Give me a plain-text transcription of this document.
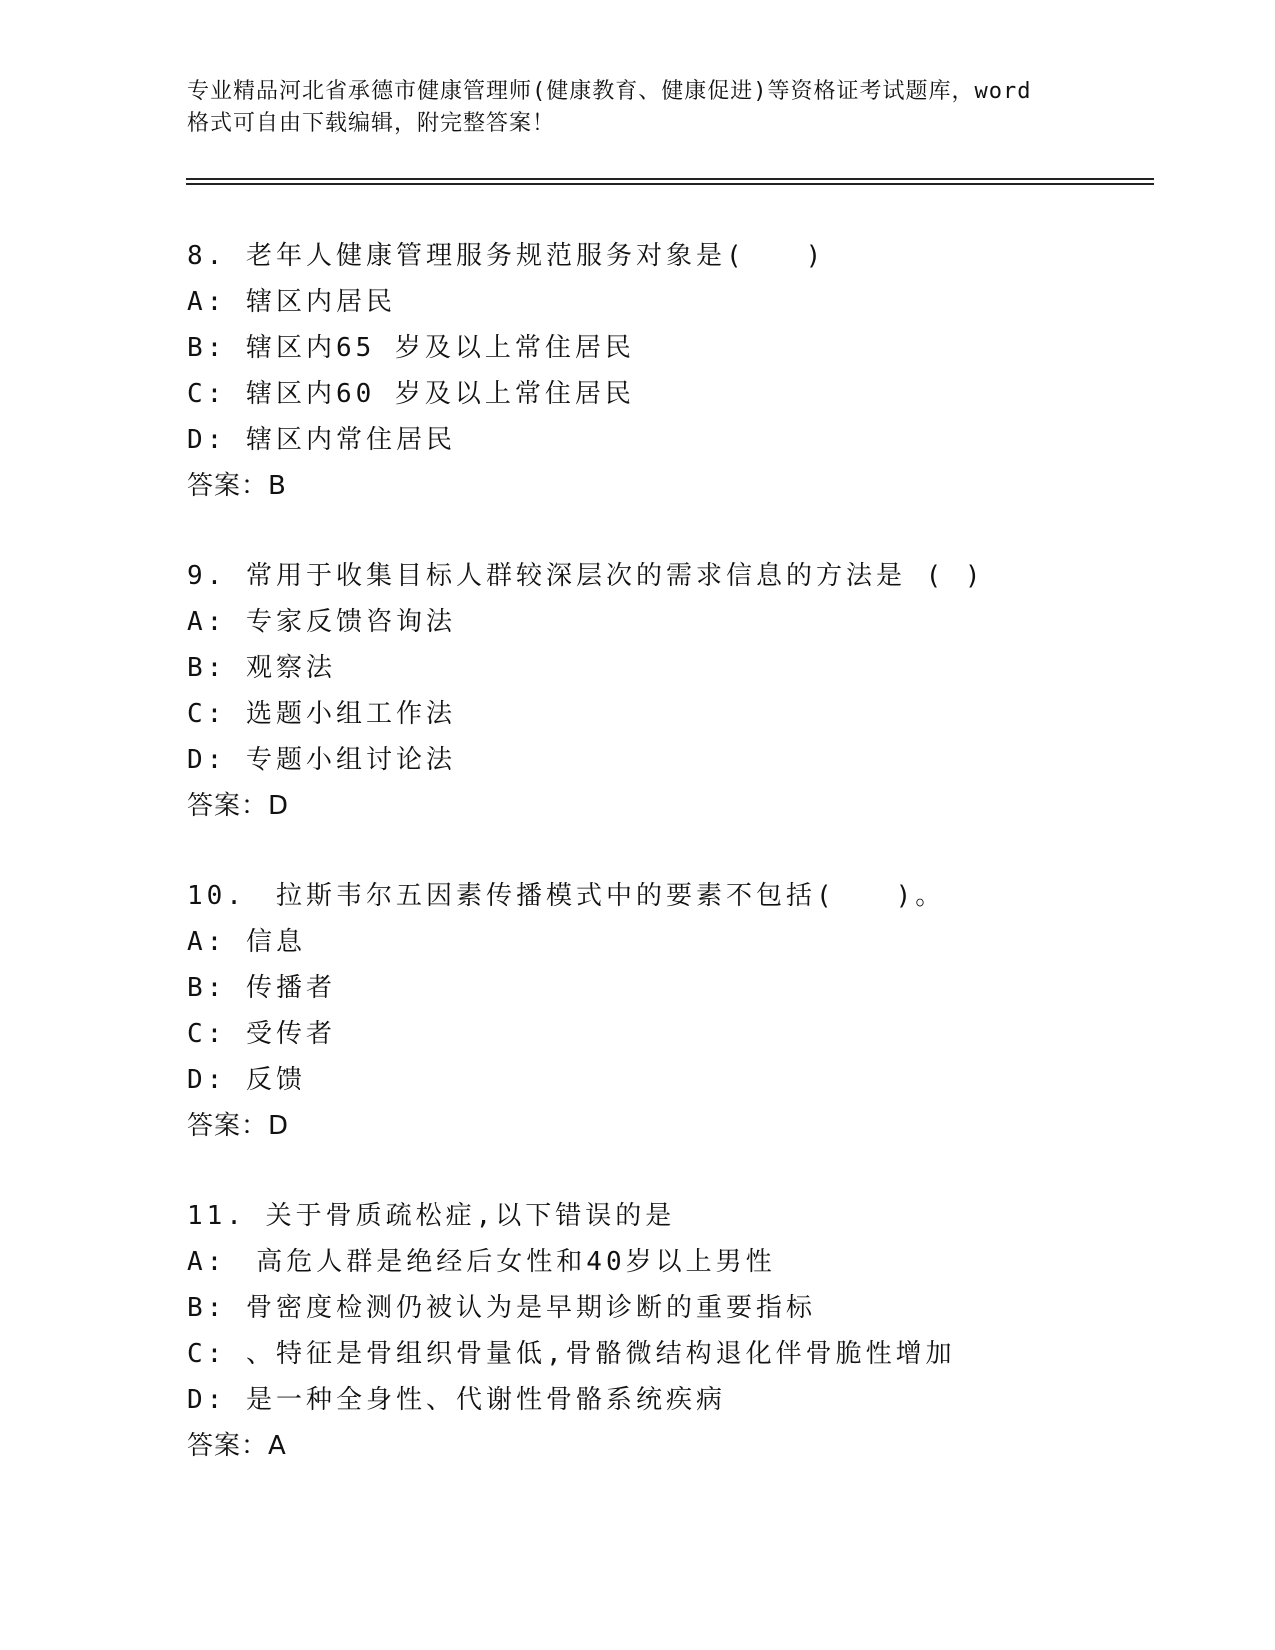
专业精品河北省承德市健康管理师(健康教育、健康促进)等资格证考试题库，word
格式可自由下载编辑，附完整答案！
8. 老年人健康管理服务规范服务对象是(　　)
A: 辖区内居民
B: 辖区内65 岁及以上常住居民
C: 辖区内60 岁及以上常住居民
D: 辖区内常住居民
答案：B
9. 常用于收集目标人群较深层次的需求信息的方法是 ( )
A: 专家反馈咨询法
B: 观察法
C: 选题小组工作法
D: 专题小组讨论法
答案：D
10.　拉斯韦尔五因素传播模式中的要素不包括(　　)。
A: 信息
B: 传播者
C: 受传者
D: 反馈
答案：D
11. 关于骨质疏松症,以下错误的是
A:　高危人群是绝经后女性和40岁以上男性
B: 骨密度检测仍被认为是早期诊断的重要指标
C: 、特征是骨组织骨量低,骨骼微结构退化伴骨脆性增加
D: 是一种全身性、代谢性骨骼系统疾病
答案：A
